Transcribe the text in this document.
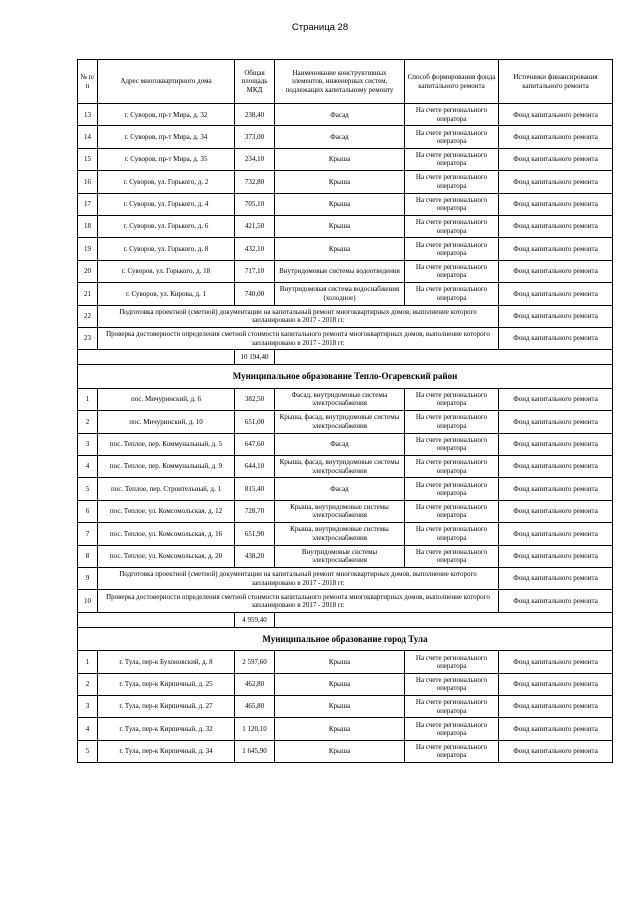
Страница 28
№ п/п	Адрес многоквартирного дома	Общая площадь МКД	Наименование конструктивных элементов, инженерных систем, подлежащих капитальному ремонту	Способ формирования фонда капитального ремонта	Источники финансирования капитального ремонта
13	г. Суворов, пр-т Мира, д. 32	238,40	Фасад	На счете регионального оператора	Фонд капитального ремонта
14	г. Суворов, пр-т Мира, д. 34	373,00	Фасад	На счете регионального оператора	Фонд капитального ремонта
15	г. Суворов, пр-т Мира, д. 35	234,10	Крыша	На счете регионального оператора	Фонд капитального ремонта
16	г. Суворов, ул. Горького, д. 2	732,80	Крыша	На счете регионального оператора	Фонд капитального ремонта
17	г. Суворов, ул. Горького, д. 4	705,10	Крыша	На счете регионального оператора	Фонд капитального ремонта
18	г. Суворов, ул. Горького, д. 6	421,50	Крыша	На счете регионального оператора	Фонд капитального ремонта
19	г. Суворов, ул. Горького, д. 8	432,10	Крыша	На счете регионального оператора	Фонд капитального ремонта
20	г. Суворов, ул. Горького, д. 18	717,10	Внутридомовые системы водоотведения	На счете регионального оператора	Фонд капитального ремонта
21	г. Суворов, ул. Кирова, д. 1	740,00	Внутридомовая система водоснабжения (холодное)	На счете регионального оператора	Фонд капитального ремонта
22	Подготовка проектной (сметной) документации на капитальный ремонт многоквартирных домов, выполнение которого запланировано в 2017 - 2018 гг.				Фонд капитального ремонта
23	Проверка достоверности определения сметной стоимости капитального ремонта многоквартирных домов, выполнение которого запланировано в 2017 - 2018 гг.				Фонд капитального ремонта
		10 194,40			
Муниципальное образование Тепло-Огаревский район					
1	пос. Мичуринский, д. 6	382,50	Фасад, внутридомовые системы электроснабжения	На счете регионального оператора	Фонд капитального ремонта
2	пос. Мичуринский, д. 10	651,00	Крыша, фасад, внутридомовые системы электроснабжения	На счете регионального оператора	Фонд капитального ремонта
3	пос. Теплое, пер. Коммунальный, д. 5	647,60	Фасад	На счете регионального оператора	Фонд капитального ремонта
4	пос. Теплое, пер. Коммунальный, д. 9	644,10	Крыша, фасад, внутридомовые системы электроснабжения	На счете регионального оператора	Фонд капитального ремонта
5	пос. Теплое, пер. Строительный, д. 1	815,40	Фасад	На счете регионального оператора	Фонд капитального ремонта
6	пос. Теплое, ул. Комсомольская, д. 12	728,70	Крыша, внутридомовые системы электроснабжения	На счете регионального оператора	Фонд капитального ремонта
7	пос. Теплое, ул. Комсомольская, д. 16	651,90	Крыша, внутридомовые системы электроснабжения	На счете регионального оператора	Фонд капитального ремонта
8	пос. Теплое, ул. Комсомольская, д. 20	438,20	Внутридомовые системы электроснабжения	На счете регионального оператора	Фонд капитального ремонта
9	Подготовка проектной (сметной) документации на капитальный ремонт многоквартирных домов, выполнение которого запланировано в 2017 - 2018 гг.				Фонд капитального ремонта
10	Проверка достоверности определения сметной стоимости капитального ремонта многоквартирных домов, выполнение которого запланировано в 2017 - 2018 гг.				Фонд капитального ремонта
		4 959,40			
Муниципальное образование город Тула					
1	г. Тула, пер-к Бухоновский, д. 8	2 597,60	Крыша	На счете регионального оператора	Фонд капитального ремонта
2	г. Тула, пер-к Кирпичный, д. 25	462,80	Крыша	На счете регионального оператора	Фонд капитального ремонта
3	г. Тула, пер-к Кирпичный, д. 27	465,80	Крыша	На счете регионального оператора	Фонд капитального ремонта
4	г. Тула, пер-к Кирпичный, д. 32	1 120,10	Крыша	На счете регионального оператора	Фонд капитального ремонта
5	г. Тула, пер-к Кирпичный, д. 34	1 645,90	Крыша	На счете регионального оператора	Фонд капитального ремонта
